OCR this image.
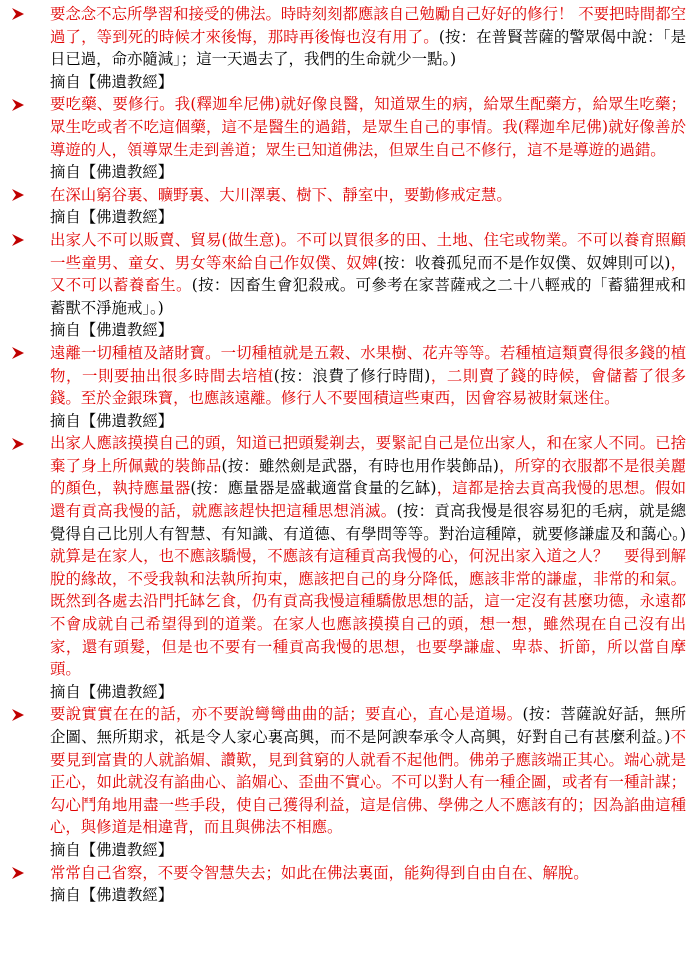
要念念不忘所學習和接受的佛法。時時刻刻都應該自己勉勵自己好好的修行！ 不要把時間都空過了，等到死的時候才來後悔，那時再後悔也沒有用了。(按：在普賢菩薩的警眾偈中說：「是日已過，命亦隨減」；這一天過去了，我們的生命就少一點。)

摘自【佛遺教經】

要吃藥、要修行。我(釋迦牟尼佛)就好像良醫，知道眾生的病，給眾生配藥方，給眾生吃藥；眾生吃或者不吃這個藥，這不是醫生的過錯，是眾生自己的事情。我(釋迦牟尼佛)就好像善於導遊的人，領導眾生走到善道；眾生已知道佛法，但眾生自己不修行，這不是導遊的過錯。

摘自【佛遺教經】

在深山窮谷裏、曠野裏、大川澤裏、樹下、靜室中，要勤修戒定慧。

摘自【佛遺教經】

出家人不可以販賣、貿易(做生意)。不可以買很多的田、土地、住宅或物業。不可以養育照顧一些童男、童女、男女等來給自己作奴僕、奴婢(按：收養孤兒而不是作奴僕、奴婢則可以)，又不可以蓄養畜生。(按：因畜生會犯殺戒。可參考在家菩薩戒之二十八輕戒的「蓄貓狸戒和蓄獸不淨施戒」。)

摘自【佛遺教經】

遠離一切種植及諸財寶。一切種植就是五穀、水果樹、花卉等等。若種植這類賣得很多錢的植物，一則要抽出很多時間去培植(按：浪費了修行時間)，二則賣了錢的時候，會儲蓄了很多錢。至於金銀珠寶，也應該遠離。修行人不要囤積這些東西，因會容易被財氣迷住。

摘自【佛遺教經】

出家人應該摸摸自己的頭，知道已把頭髮剃去，要緊記自己是位出家人，和在家人不同。已捨棄了身上所佩戴的裝飾品(按：雖然劍是武器，有時也用作裝飾品)，所穿的衣服都不是很美麗的顏色，執持應量器(按：應量器是盛載適當食量的乞缽)，這都是捨去貢高我慢的思想。假如還有貢高我慢的話，就應該趕快把這種思想消滅。(按：貢高我慢是很容易犯的毛病，就是總覺得自己比別人有智慧、有知識、有道德、有學問等等。對治這種障，就要修謙虛及和藹心。) 就算是在家人，也不應該驕慢，不應該有這種貢高我慢的心，何況出家入道之人？　要得到解脫的緣故，不受我執和法執所拘束，應該把自己的身分降低，應該非常的謙虛，非常的和氣。既然到各處去沿門托缽乞食，仍有貢高我慢這種驕傲思想的話，這一定沒有甚麼功德，永遠都不會成就自己希望得到的道業。在家人也應該摸摸自己的頭，想一想，雖然現在自己沒有出家，還有頭髮，但是也不要有一種貢高我慢的思想，也要學謙虛、卑恭、折節，所以當自摩頭。

摘自【佛遺教經】

要說實實在在的話，亦不要說彎彎曲曲的話；要直心，直心是道場。(按：菩薩說好話，無所企圖、無所期求，祇是令人家心裏高興，而不是阿諛奉承令人高興，好對自己有甚麼利益。)不要見到富貴的人就諂媚、讚歎，見到貧窮的人就看不起他們。佛弟子應該端正其心。端心就是正心，如此就沒有諂曲心、諂媚心、歪曲不實心。不可以對人有一種企圖，或者有一種計謀；勾心鬥角地用盡一些手段，使自己獲得利益，這是信佛、學佛之人不應該有的；因為諂曲這種心，與修道是相違背，而且與佛法不相應。

摘自【佛遺教經】

常常自己省察，不要令智慧失去；如此在佛法裏面，能夠得到自由自在、解脫。

摘自【佛遺教經】
